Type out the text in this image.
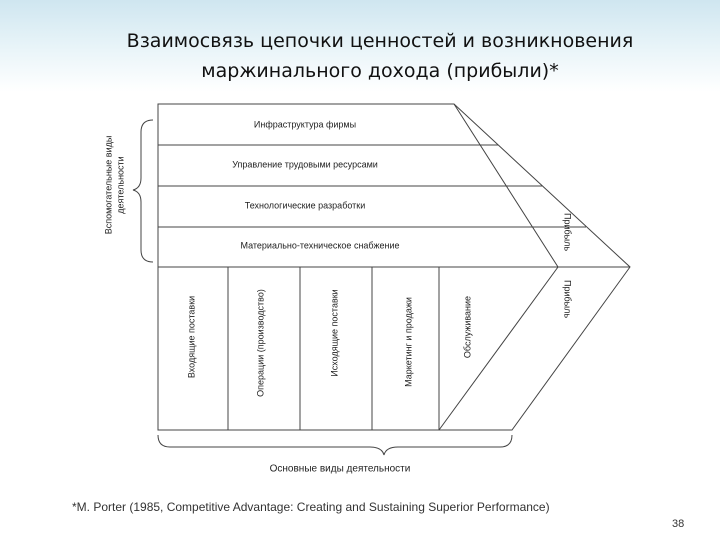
Взаимосвязь цепочки ценностей и возникновения
маржинального дохода (прибыли)*
Инфраструктура фирмы
Управление трудовыми ресурсами
Технологические разработки
Материально-техническое снабжение
Входящие поставки	Операции (производство)	Исходящие поставки	Маркетинг и продажи	Обслуживание
Прибыль
Прибыль
Вспомогательные виды деятельности
Основные виды деятельности
*M. Porter (1985, Competitive Advantage: Creating and Sustaining Superior Performance)
38
